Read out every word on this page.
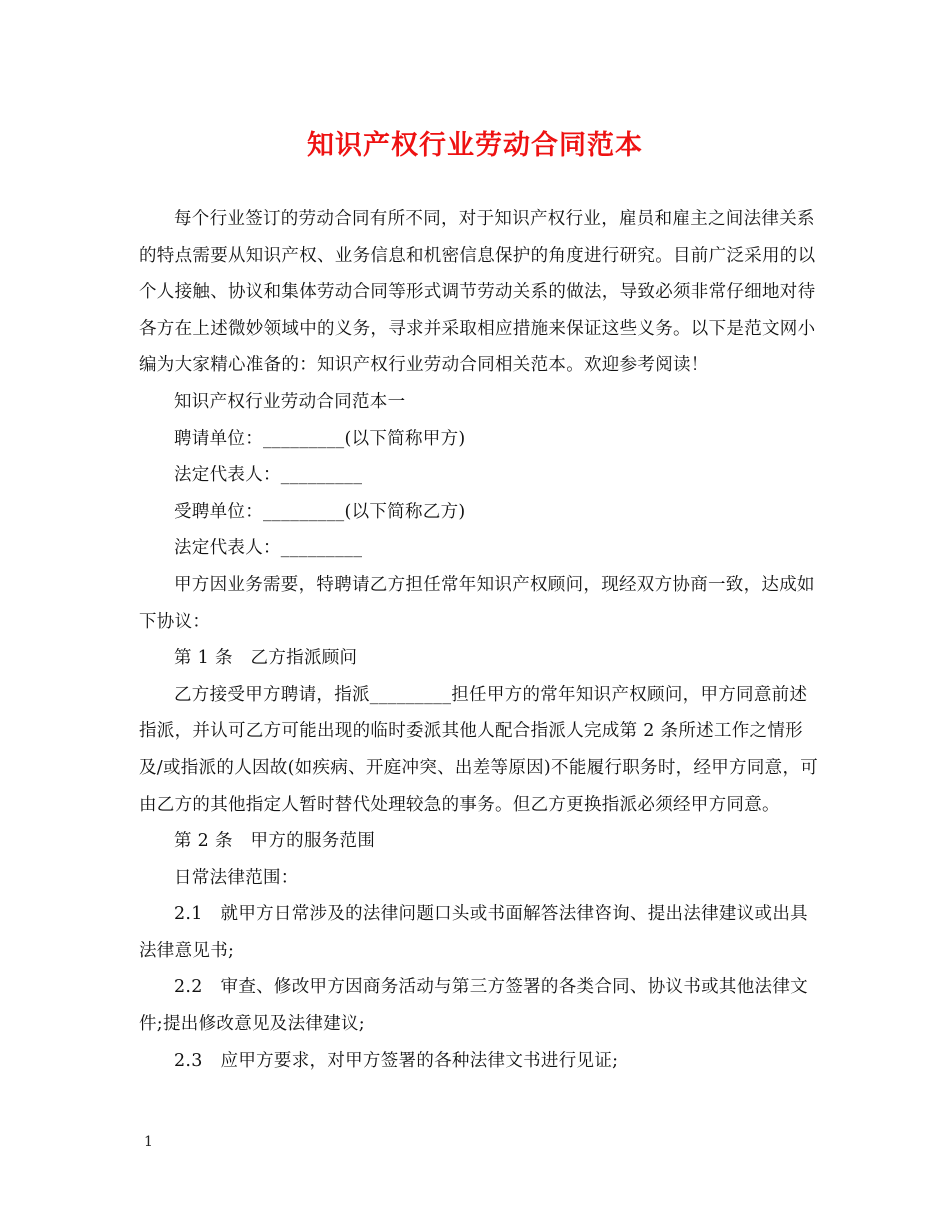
知识产权行业劳动合同范本

每个行业签订的劳动合同有所不同，对于知识产权行业，雇员和雇主之间法律关系的特点需要从知识产权、业务信息和机密信息保护的角度进行研究。目前广泛采用的以个人接触、协议和集体劳动合同等形式调节劳动关系的做法，导致必须非常仔细地对待各方在上述微妙领域中的义务，寻求并采取相应措施来保证这些义务。以下是范文网小编为大家精心准备的：知识产权行业劳动合同相关范本。欢迎参考阅读！

知识产权行业劳动合同范本一

聘请单位：_________(以下简称甲方)

法定代表人：_________

受聘单位：_________(以下简称乙方)

法定代表人：_________

甲方因业务需要，特聘请乙方担任常年知识产权顾问，现经双方协商一致，达成如下协议：

第 1 条　乙方指派顾问

乙方接受甲方聘请，指派_________担任甲方的常年知识产权顾问，甲方同意前述指派，并认可乙方可能出现的临时委派其他人配合指派人完成第 2 条所述工作之情形及/或指派的人因故(如疾病、开庭冲突、出差等原因)不能履行职务时，经甲方同意，可由乙方的其他指定人暂时替代处理较急的事务。但乙方更换指派必须经甲方同意。

第 2 条　甲方的服务范围

日常法律范围：

2.1　就甲方日常涉及的法律问题口头或书面解答法律咨询、提出法律建议或出具法律意见书;

2.2　审查、修改甲方因商务活动与第三方签署的各类合同、协议书或其他法律文件;提出修改意见及法律建议;

2.3　应甲方要求，对甲方签署的各种法律文书进行见证;

1
